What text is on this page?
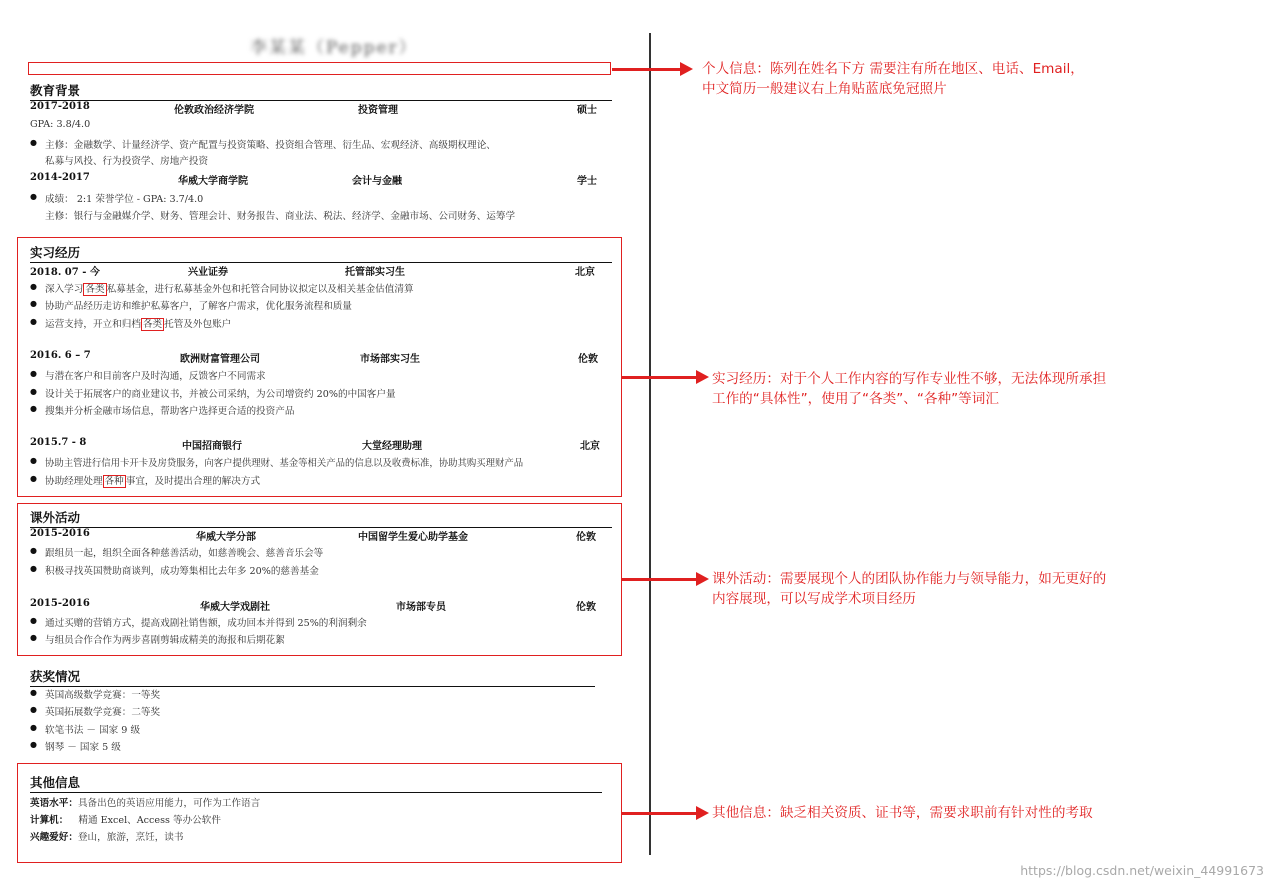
李某某（Pepper）
教育背景
2017-2018	伦敦政治经济学院	投资管理	硕士
GPA: 3.8/4.0
● 主修：金融数学、计量经济学、资产配置与投资策略、投资组合管理、衍生品、宏观经济、高级期权理论、
私募与风投、行为投资学、房地产投资
2014-2017	华威大学商学院	会计与金融	学士
● 成绩： 2:1 荣誉学位 - GPA: 3.7/4.0
主修：银行与金融媒介学、财务、管理会计、财务报告、商业法、税法、经济学、金融市场、公司财务、运筹学
实习经历
2018. 07 - 今	兴业证券	托管部实习生	北京
● 深入学习 各类 私募基金，进行私募基金外包和托管合同协议拟定以及相关基金估值清算
● 协助产品经历走访和维护私募客户，了解客户需求，优化服务流程和质量
● 运营支持，开立和归档 各类 托管及外包账户
2016. 6 – 7	欧洲财富管理公司	市场部实习生	伦敦
● 与潜在客户和目前客户及时沟通，反馈客户不同需求
● 设计关于拓展客户的商业建议书，并被公司采纳，为公司增资约 20%的中国客户量
● 搜集并分析金融市场信息，帮助客户选择更合适的投资产品
2015.7 - 8	中国招商银行	大堂经理助理	北京
● 协助主管进行信用卡开卡及房贷服务，向客户提供理财、基金等相关产品的信息以及收费标准，协助其购买理财产品
● 协助经理处理 各种 事宜，及时提出合理的解决方式
课外活动
2015-2016	华威大学分部	中国留学生爱心助学基金	伦敦
● 跟组员一起，组织全面各种慈善活动，如慈善晚会、慈善音乐会等
● 积极寻找英国赞助商谈判，成功筹集相比去年多 20%的慈善基金
2015-2016	华威大学戏剧社	市场部专员	伦敦
● 通过买赠的营销方式，提高戏剧社销售额，成功回本并得到 25%的利润剩余
● 与组员合作合作为两步喜剧剪辑成精美的海报和后期花絮
获奖情况
● 英国高级数学竞赛：一等奖
● 英国拓展数学竞赛：二等奖
● 软笔书法 － 国家 9 级
● 钢琴 － 国家 5 级
其他信息
英语水平：具备出色的英语应用能力，可作为工作语言
计算机： 精通 Excel、Access 等办公软件
兴趣爱好：登山，旅游，烹饪，读书
个人信息：陈列在姓名下方 需要注有所在地区、电话、Email，
中文简历一般建议右上角贴蓝底免冠照片
实习经历：对于个人工作内容的写作专业性不够，无法体现所承担
工作的“具体性”，使用了“各类”、“各种”等词汇
课外活动：需要展现个人的团队协作能力与领导能力，如无更好的
内容展现，可以写成学术项目经历
其他信息：缺乏相关资质、证书等，需要求职前有针对性的考取
https://blog.csdn.net/weixin_44991673
